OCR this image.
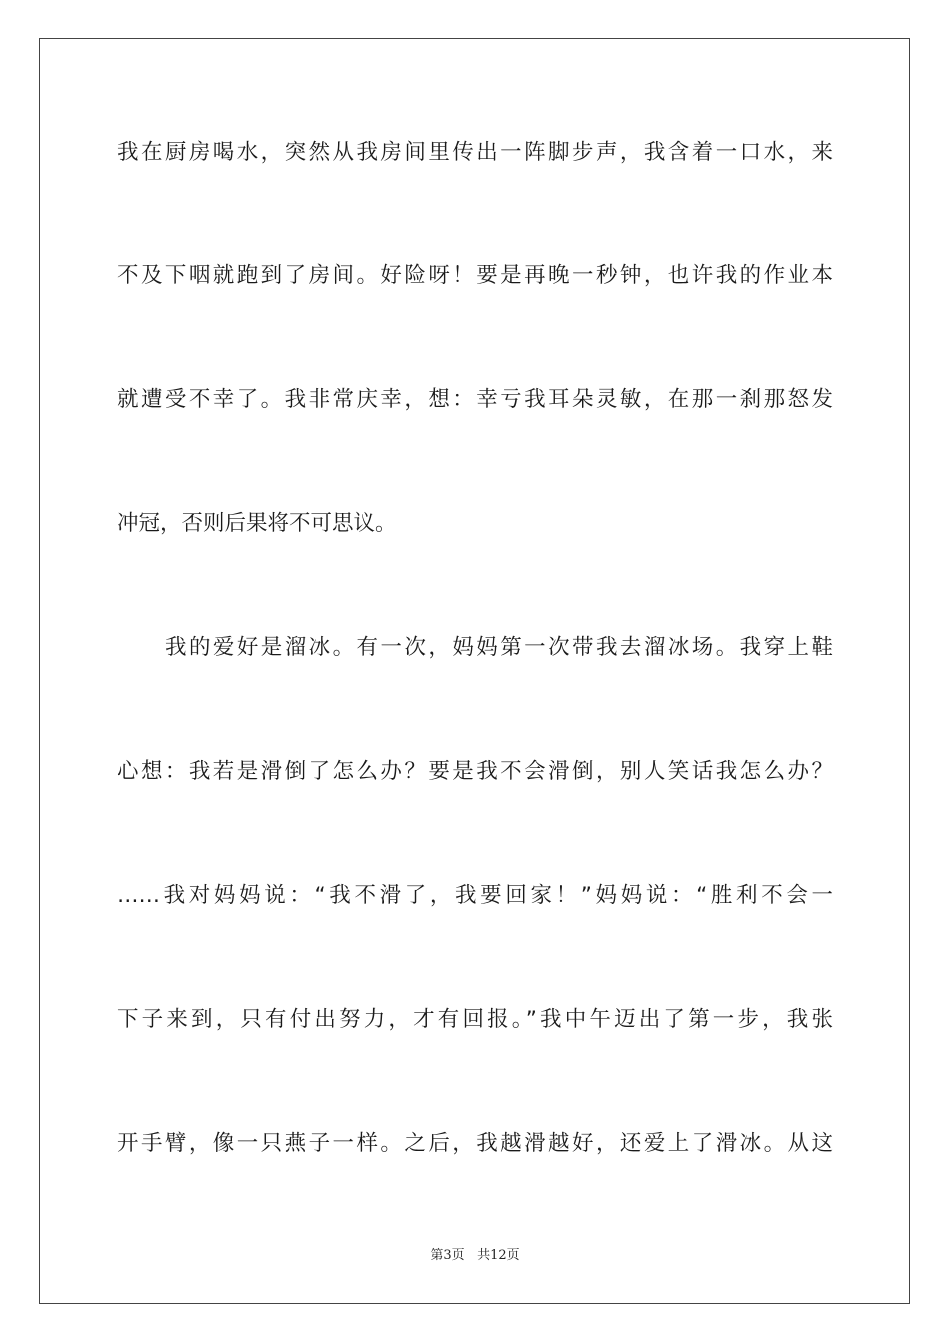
我在厨房喝水，突然从我房间里传出一阵脚步声，我含着一口水，来
不及下咽就跑到了房间。好险呀！要是再晚一秒钟，也许我的作业本
就遭受不幸了。我非常庆幸，想：幸亏我耳朵灵敏，在那一刹那怒发
冲冠，否则后果将不可思议。
我的爱好是溜冰。有一次，妈妈第一次带我去溜冰场。我穿上鞋
心想：我若是滑倒了怎么办？要是我不会滑倒，别人笑话我怎么办？
……我对妈妈说：“我不滑了，我要回家！”妈妈说：“胜利不会一
下子来到，只有付出努力，才有回报。”我中午迈出了第一步，我张
开手臂，像一只燕子一样。之后，我越滑越好，还爱上了滑冰。从这
第3页 共12页
